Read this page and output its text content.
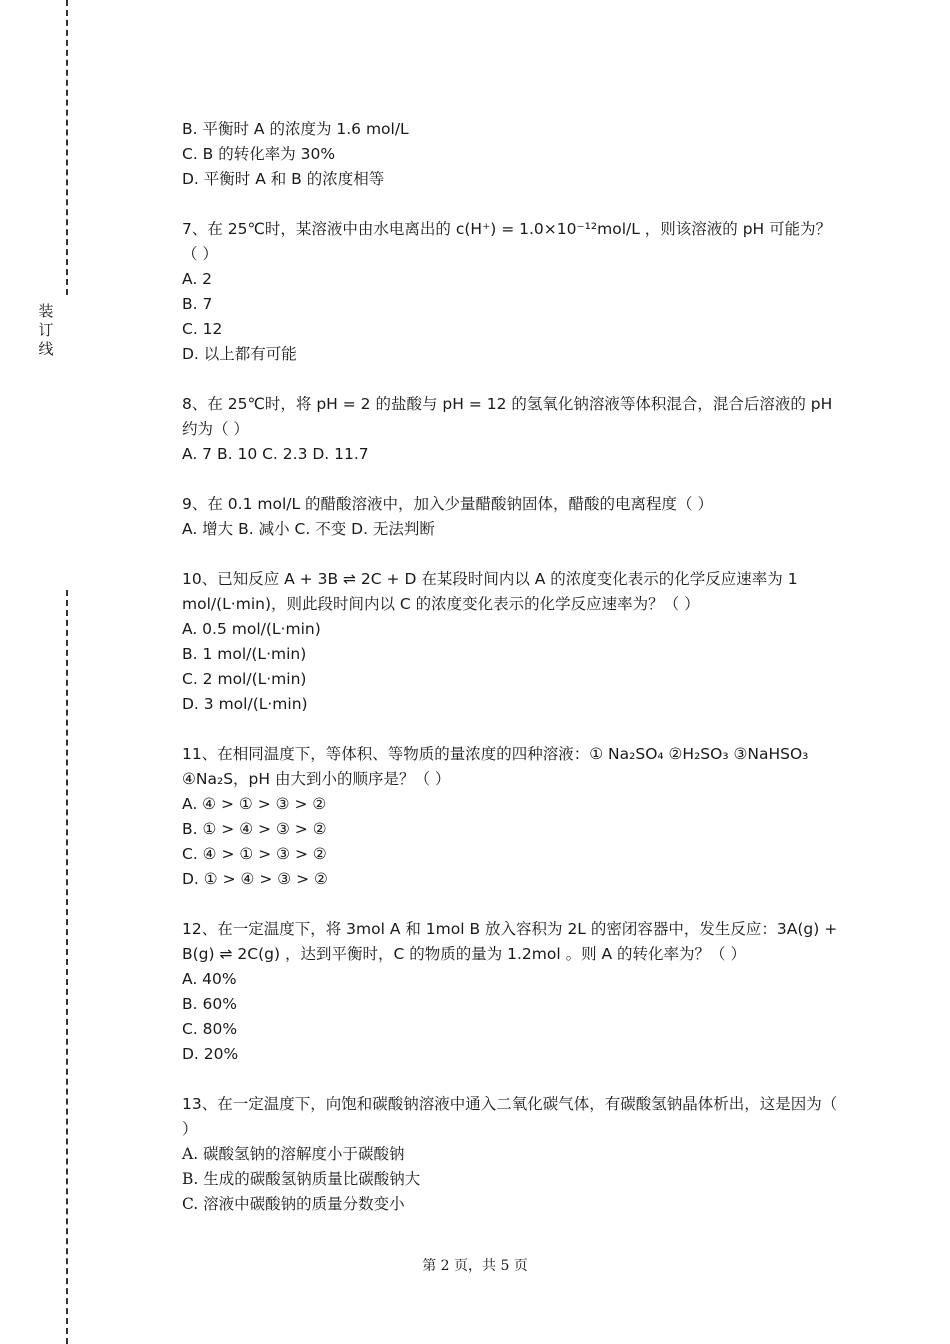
装
订
线
B. 平衡时 A 的浓度为 1.6 mol/L
C. B 的转化率为 30%
D. 平衡时 A 和 B 的浓度相等

7、在 25℃时，某溶液中由水电离出的 c(H⁺) = 1.0×10⁻¹²mol/L ，则该溶液的 pH 可能为？（ ）

A. 2
B. 7
C. 12
D. 以上都有可能

8、在 25℃时，将 pH = 2 的盐酸与 pH = 12 的氢氧化钠溶液等体积混合，混合后溶液的 pH 约为（ ）

A. 7 B. 10 C. 2.3 D. 11.7

9、在 0.1 mol/L 的醋酸溶液中，加入少量醋酸钠固体，醋酸的电离程度（ ）

A. 增大 B. 减小 C. 不变 D. 无法判断

10、已知反应 A + 3B ⇌ 2C + D 在某段时间内以 A 的浓度变化表示的化学反应速率为 1 mol/(L·min)，则此段时间内以 C 的浓度变化表示的化学反应速率为？（ ）

A. 0.5 mol/(L·min)
B. 1 mol/(L·min)
C. 2 mol/(L·min)
D. 3 mol/(L·min)

11、在相同温度下，等体积、等物质的量浓度的四种溶液：① Na₂SO₄ ②H₂SO₃ ③NaHSO₃ ④Na₂S，pH 由大到小的顺序是？（ ）

A. ④ > ① > ③ > ②
B. ① > ④ > ③ > ②
C. ④ > ① > ③ > ②
D. ① > ④ > ③ > ②

12、在一定温度下，将 3mol A 和 1mol B 放入容积为 2L 的密闭容器中，发生反应：3A(g) + B(g) ⇌ 2C(g) ，达到平衡时，C 的物质的量为 1.2mol 。则 A 的转化率为？（ ）

A. 40%
B. 60%
C. 80%
D. 20%

13、在一定温度下，向饱和碳酸钠溶液中通入二氧化碳气体，有碳酸氢钠晶体析出，这是因为（ ）

A. 碳酸氢钠的溶解度小于碳酸钠
B. 生成的碳酸氢钠质量比碳酸钠大
C. 溶液中碳酸钠的质量分数变小
第 2 页，共 5 页
